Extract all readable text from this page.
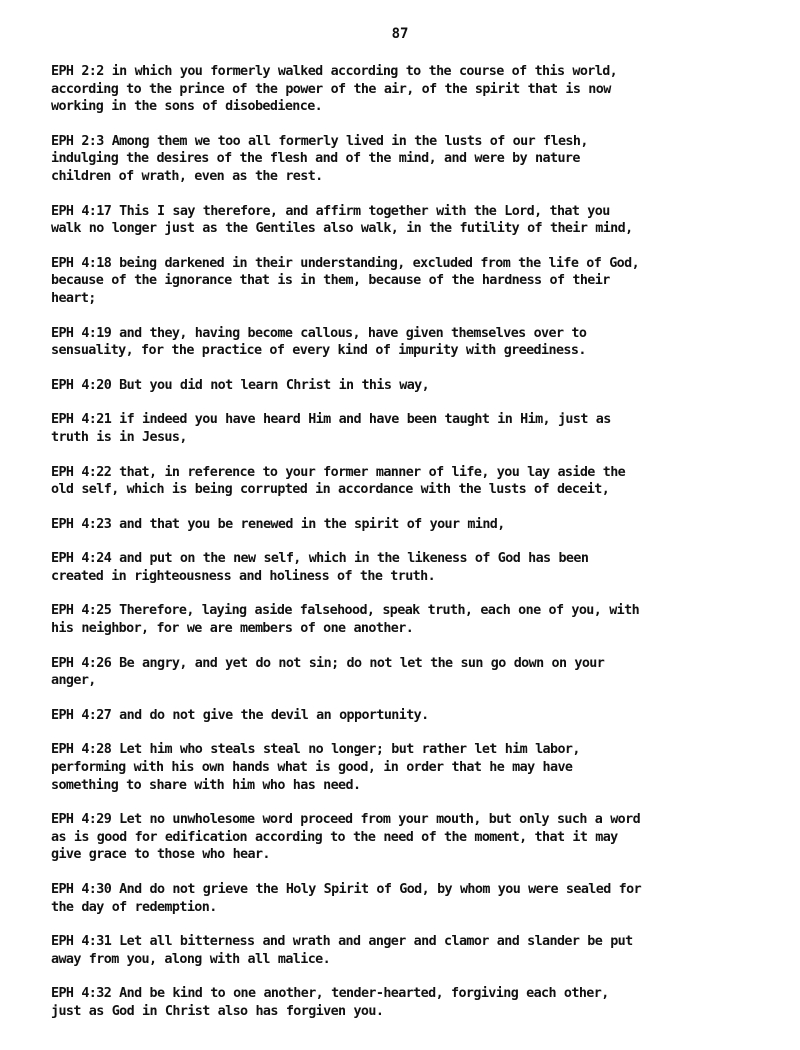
87

EPH 2:2 in which you formerly walked according to the course of this world,
according to the prince of the power of the air, of the spirit that is now
working in the sons of disobedience.

EPH 2:3 Among them we too all formerly lived in the lusts of our flesh,
indulging the desires of the flesh and of the mind, and were by nature
children of wrath, even as the rest.

EPH 4:17 This I say therefore, and affirm together with the Lord, that you
walk no longer just as the Gentiles also walk, in the futility of their mind,

EPH 4:18 being darkened in their understanding, excluded from the life of God,
because of the ignorance that is in them, because of the hardness of their
heart;

EPH 4:19 and they, having become callous, have given themselves over to
sensuality, for the practice of every kind of impurity with greediness.

EPH 4:20 But you did not learn Christ in this way,

EPH 4:21 if indeed you have heard Him and have been taught in Him, just as
truth is in Jesus,

EPH 4:22 that, in reference to your former manner of life, you lay aside the
old self, which is being corrupted in accordance with the lusts of deceit,

EPH 4:23 and that you be renewed in the spirit of your mind,

EPH 4:24 and put on the new self, which in the likeness of God has been
created in righteousness and holiness of the truth.

EPH 4:25 Therefore, laying aside falsehood, speak truth, each one of you, with
his neighbor, for we are members of one another.

EPH 4:26 Be angry, and yet do not sin; do not let the sun go down on your
anger,

EPH 4:27 and do not give the devil an opportunity.

EPH 4:28 Let him who steals steal no longer; but rather let him labor,
performing with his own hands what is good, in order that he may have
something to share with him who has need.

EPH 4:29 Let no unwholesome word proceed from your mouth, but only such a word
as is good for edification according to the need of the moment, that it may
give grace to those who hear.

EPH 4:30 And do not grieve the Holy Spirit of God, by whom you were sealed for
the day of redemption.

EPH 4:31 Let all bitterness and wrath and anger and clamor and slander be put
away from you, along with all malice.

EPH 4:32 And be kind to one another, tender-hearted, forgiving each other,
just as God in Christ also has forgiven you.
